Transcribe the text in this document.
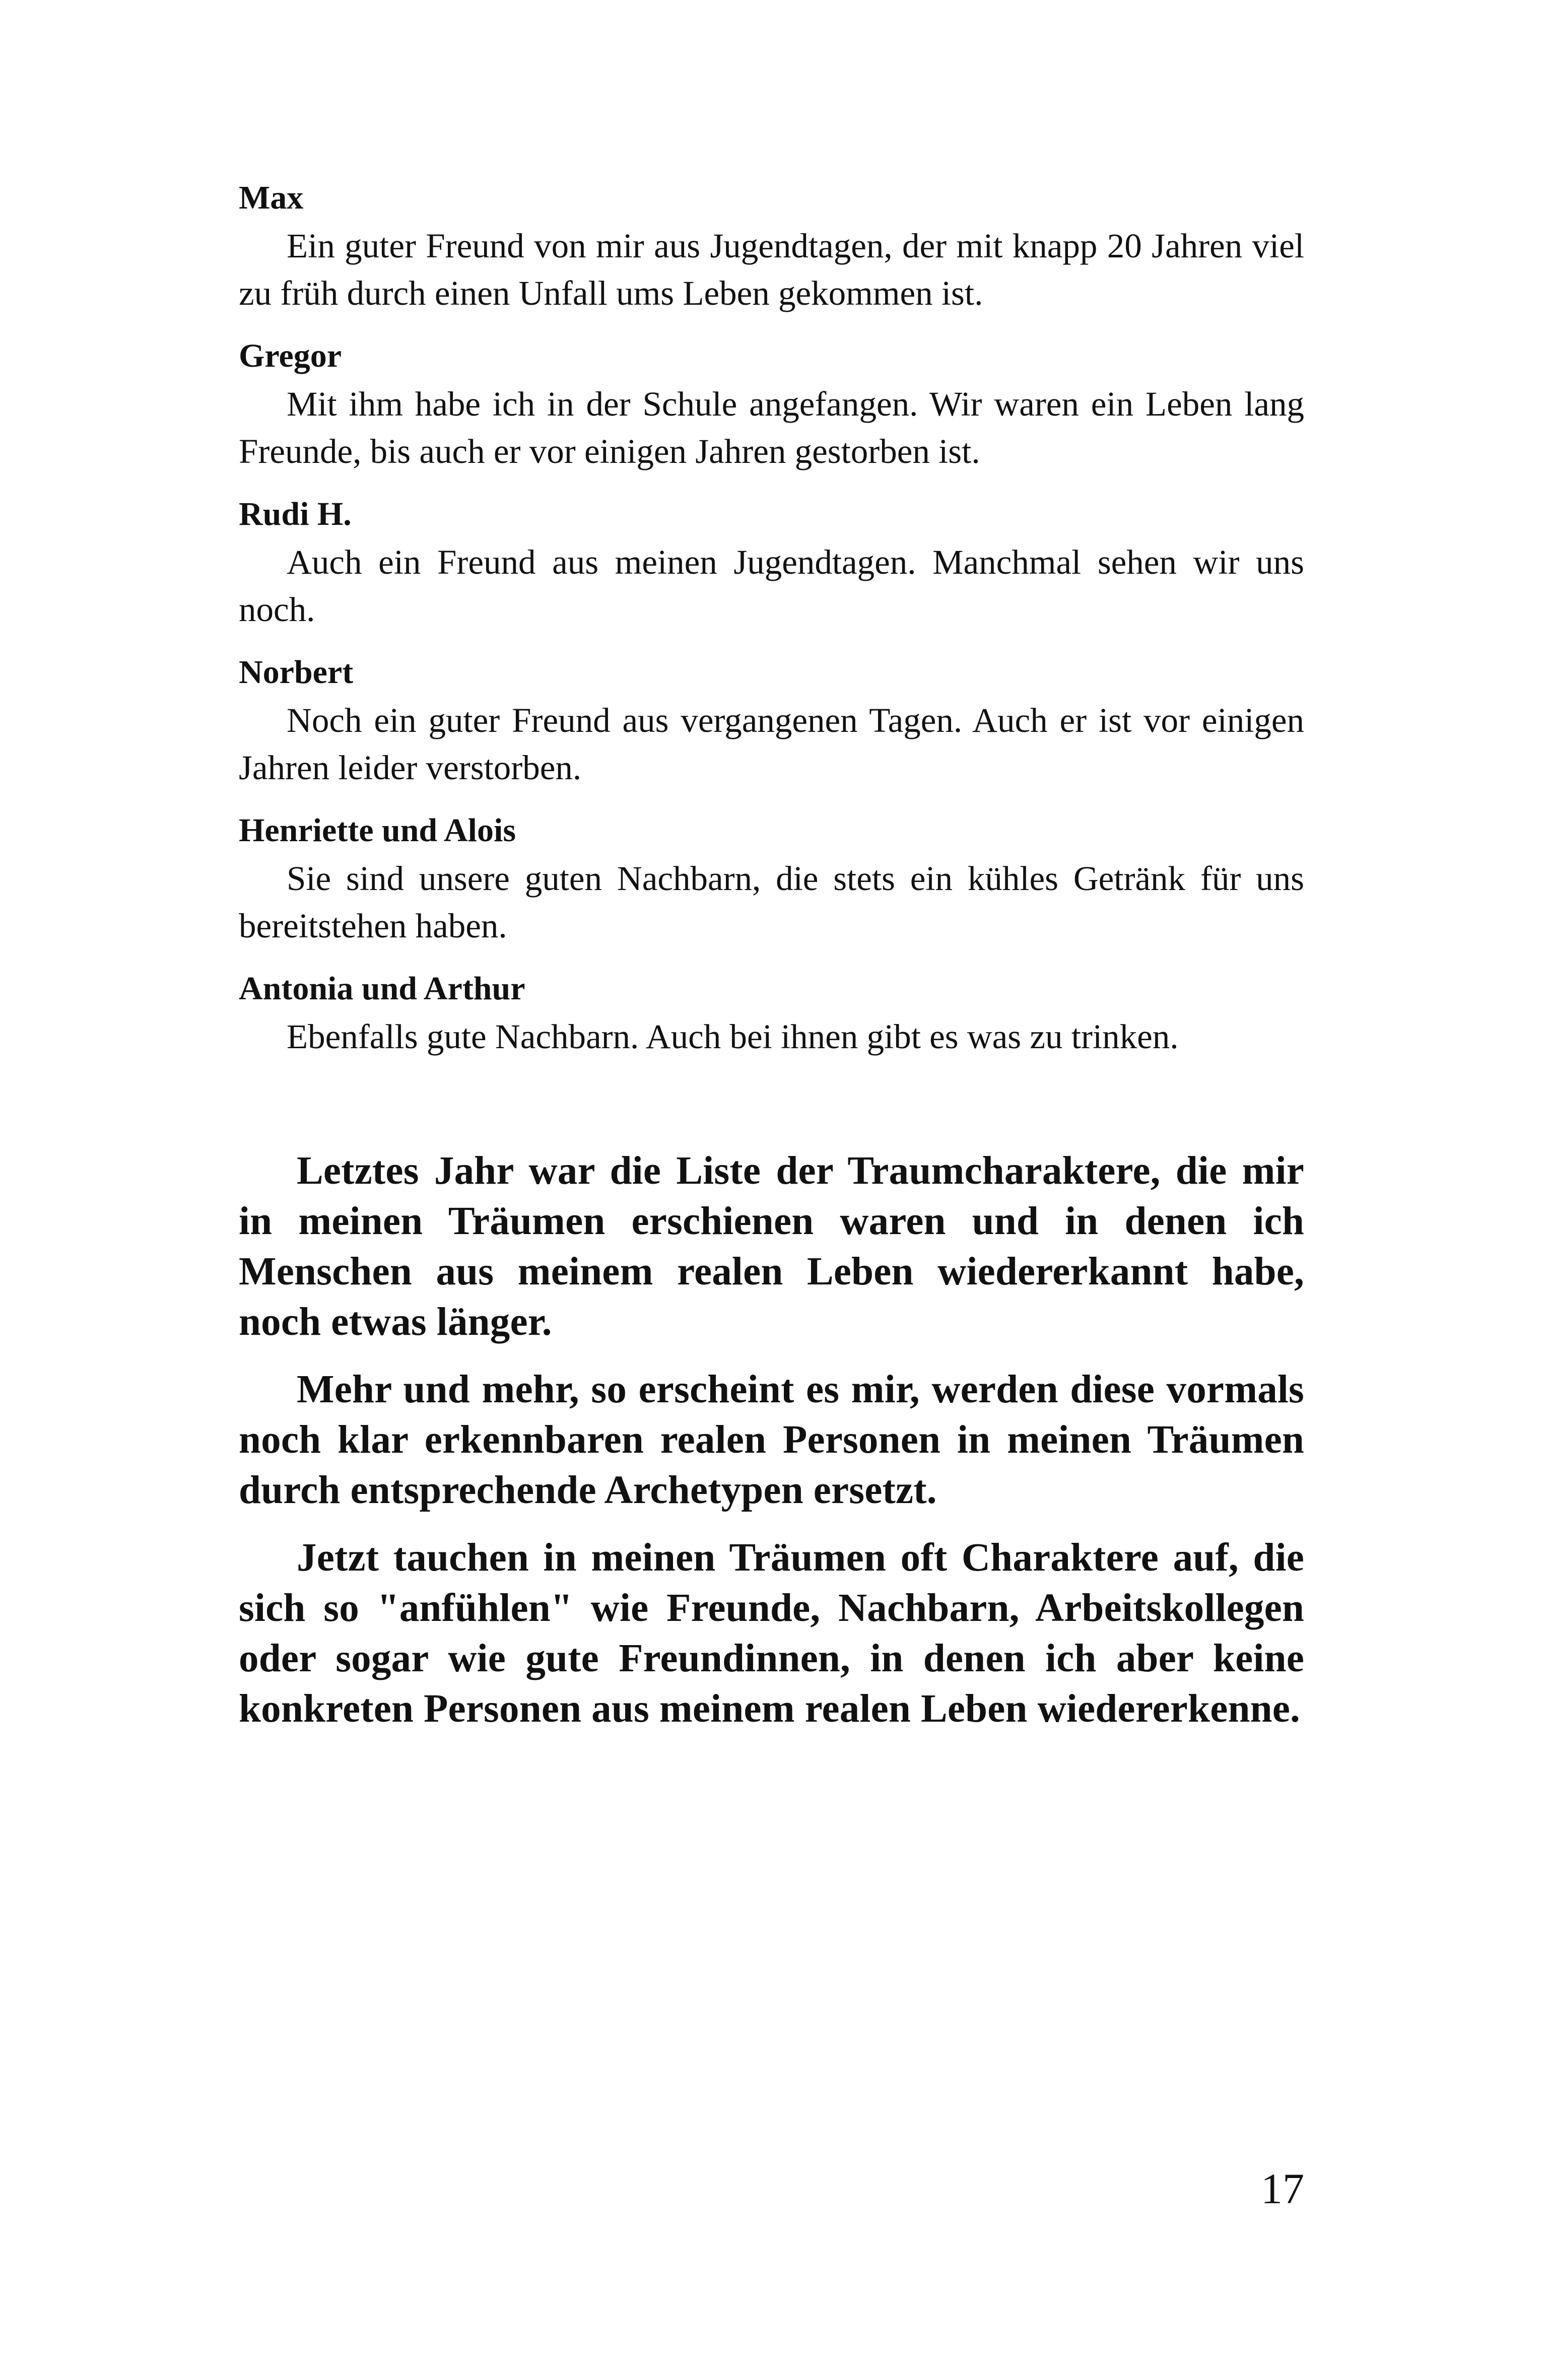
Max
Ein guter Freund von mir aus Jugendtagen, der mit knapp 20 Jahren viel zu früh durch einen Unfall ums Leben gekommen ist.
Gregor
Mit ihm habe ich in der Schule angefangen. Wir waren ein Leben lang Freunde, bis auch er vor einigen Jahren gestorben ist.
Rudi H.
Auch ein Freund aus meinen Jugendtagen. Manchmal sehen wir uns noch.
Norbert
Noch ein guter Freund aus vergangenen Tagen. Auch er ist vor einigen Jahren leider verstorben.
Henriette und Alois
Sie sind unsere guten Nachbarn, die stets ein kühles Getränk für uns bereitstehen haben.
Antonia und Arthur
Ebenfalls gute Nachbarn. Auch bei ihnen gibt es was zu trinken.

Letztes Jahr war die Liste der Traumcharaktere, die mir in meinen Träumen erschienen waren und in denen ich Menschen aus meinem realen Leben wiedererkannt habe, noch etwas länger.

Mehr und mehr, so erscheint es mir, werden diese vormals noch klar erkennbaren realen Personen in meinen Träumen durch entsprechende Archetypen ersetzt.

Jetzt tauchen in meinen Träumen oft Charaktere auf, die sich so "anfühlen" wie Freunde, Nachbarn, Arbeitskollegen oder sogar wie gute Freundinnen, in denen ich aber keine konkreten Personen aus meinem realen Leben wiedererkenne.

17
